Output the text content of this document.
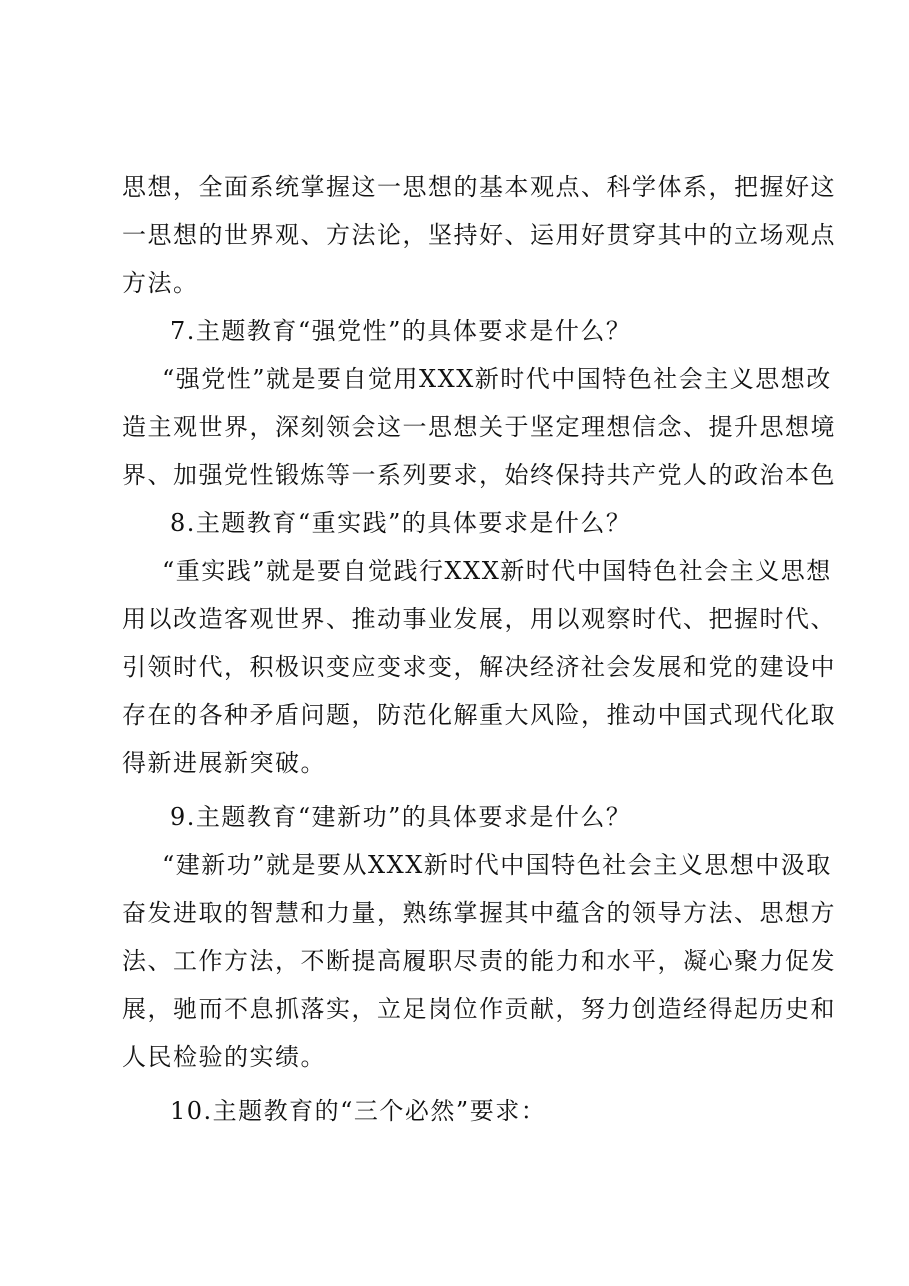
思想，全面系统掌握这一思想的基本观点、科学体系，把握好这
一思想的世界观、方法论，坚持好、运用好贯穿其中的立场观点
方法。
7.主题教育“强党性”的具体要求是什么？
“强党性”就是要自觉用XXX新时代中国特色社会主义思想改
造主观世界，深刻领会这一思想关于坚定理想信念、提升思想境
界、加强党性锻炼等一系列要求，始终保持共产党人的政治本色
8.主题教育“重实践”的具体要求是什么？
“重实践”就是要自觉践行XXX新时代中国特色社会主义思想
用以改造客观世界、推动事业发展，用以观察时代、把握时代、
引领时代，积极识变应变求变，解决经济社会发展和党的建设中
存在的各种矛盾问题，防范化解重大风险，推动中国式现代化取
得新进展新突破。
9.主题教育“建新功”的具体要求是什么？
“建新功”就是要从XXX新时代中国特色社会主义思想中汲取
奋发进取的智慧和力量，熟练掌握其中蕴含的领导方法、思想方
法、工作方法，不断提高履职尽责的能力和水平，凝心聚力促发
展，驰而不息抓落实，立足岗位作贡献，努力创造经得起历史和
人民检验的实绩。
10.主题教育的“三个必然”要求：
